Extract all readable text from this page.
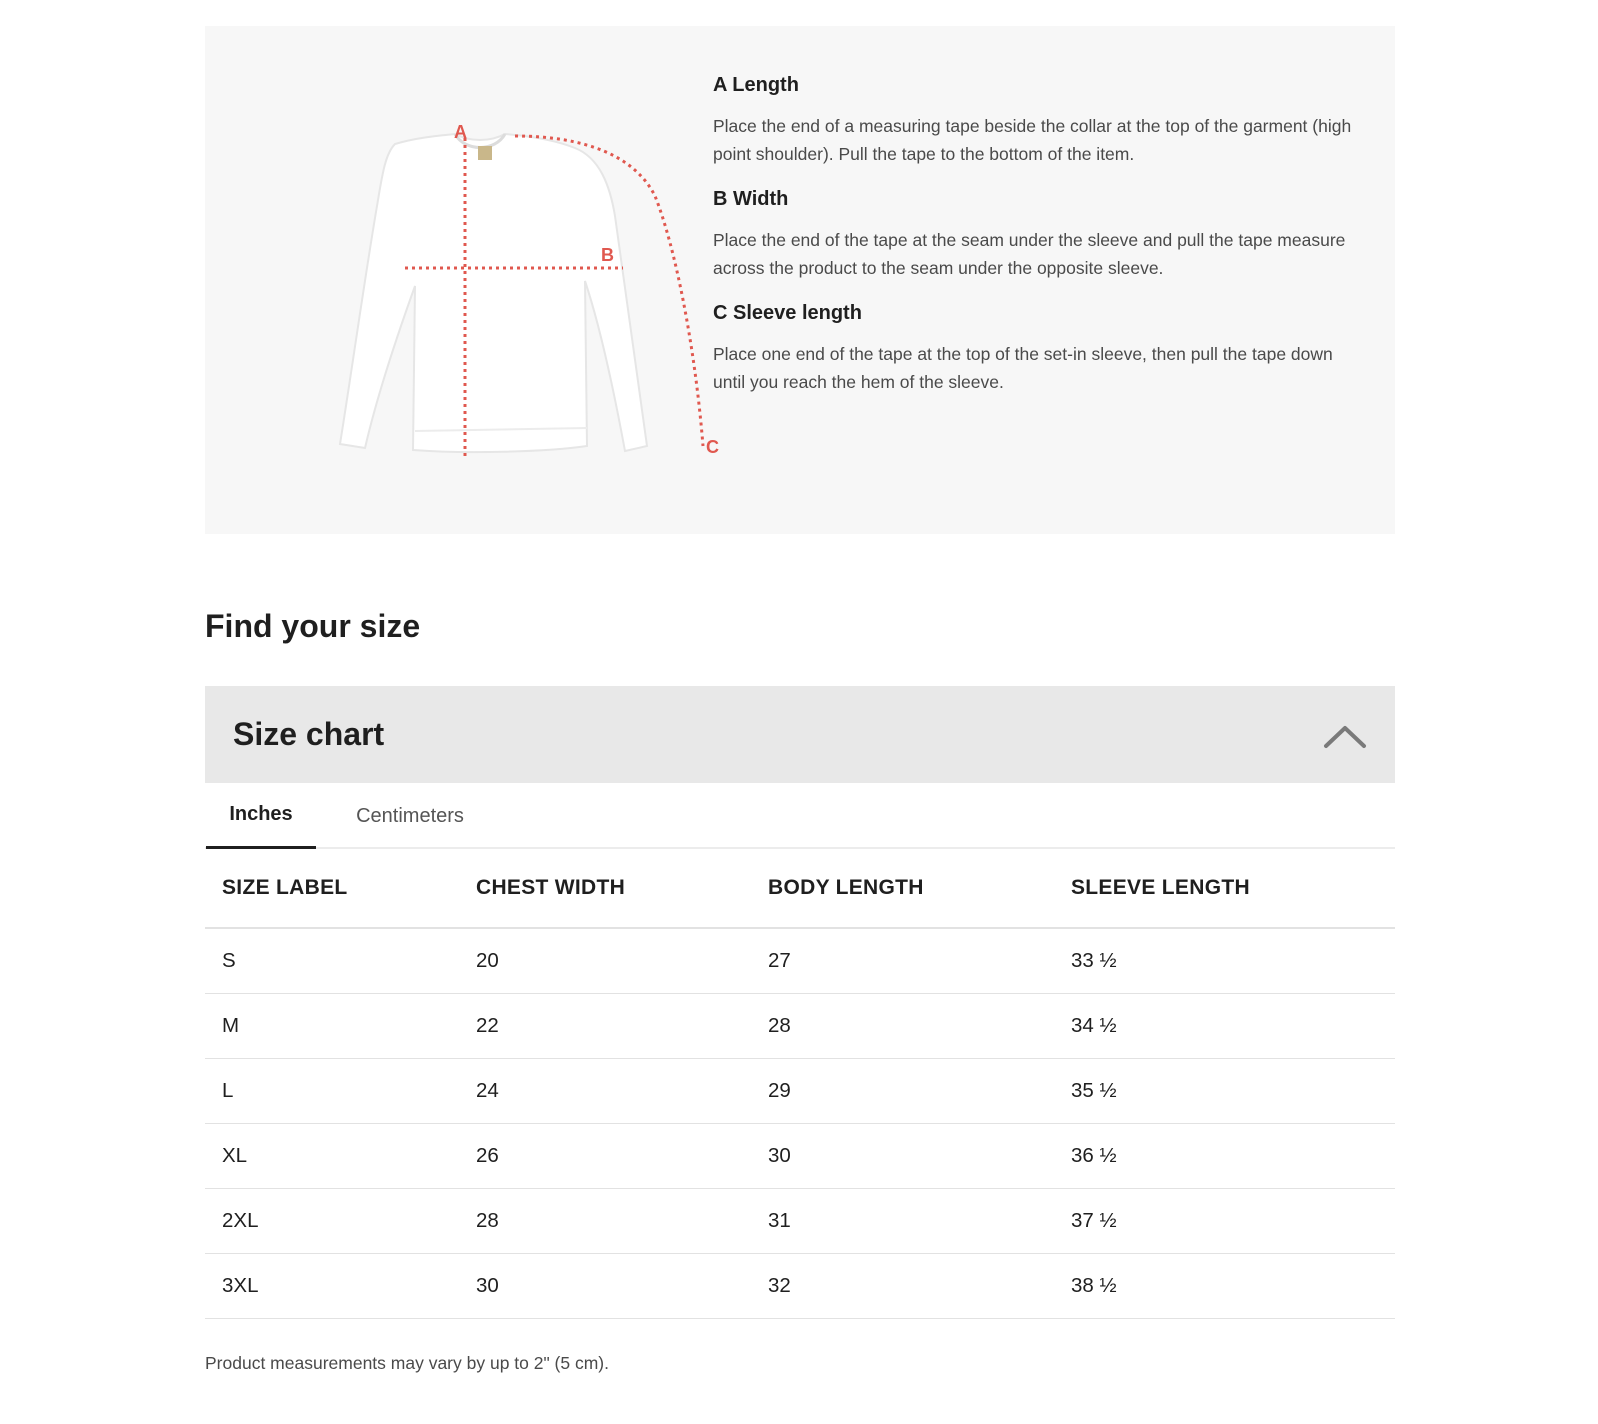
A
B
C
A Length

Place the end of a measuring tape beside the collar at the top of the garment (high point shoulder). Pull the tape to the bottom of the item.

B Width

Place the end of the tape at the seam under the sleeve and pull the tape measure across the product to the seam under the opposite sleeve.

C Sleeve length

Place one end of the tape at the top of the set-in sleeve, then pull the tape down until you reach the hem of the sleeve.

Find your size
Size chart
Inches	Centimeters
SIZE LABEL	CHEST WIDTH	BODY LENGTH	SLEEVE LENGTH
S	20	27	33 ½
M	22	28	34 ½
L	24	29	35 ½
XL	26	30	36 ½
2XL	28	31	37 ½
3XL	30	32	38 ½

Product measurements may vary by up to 2" (5 cm).
